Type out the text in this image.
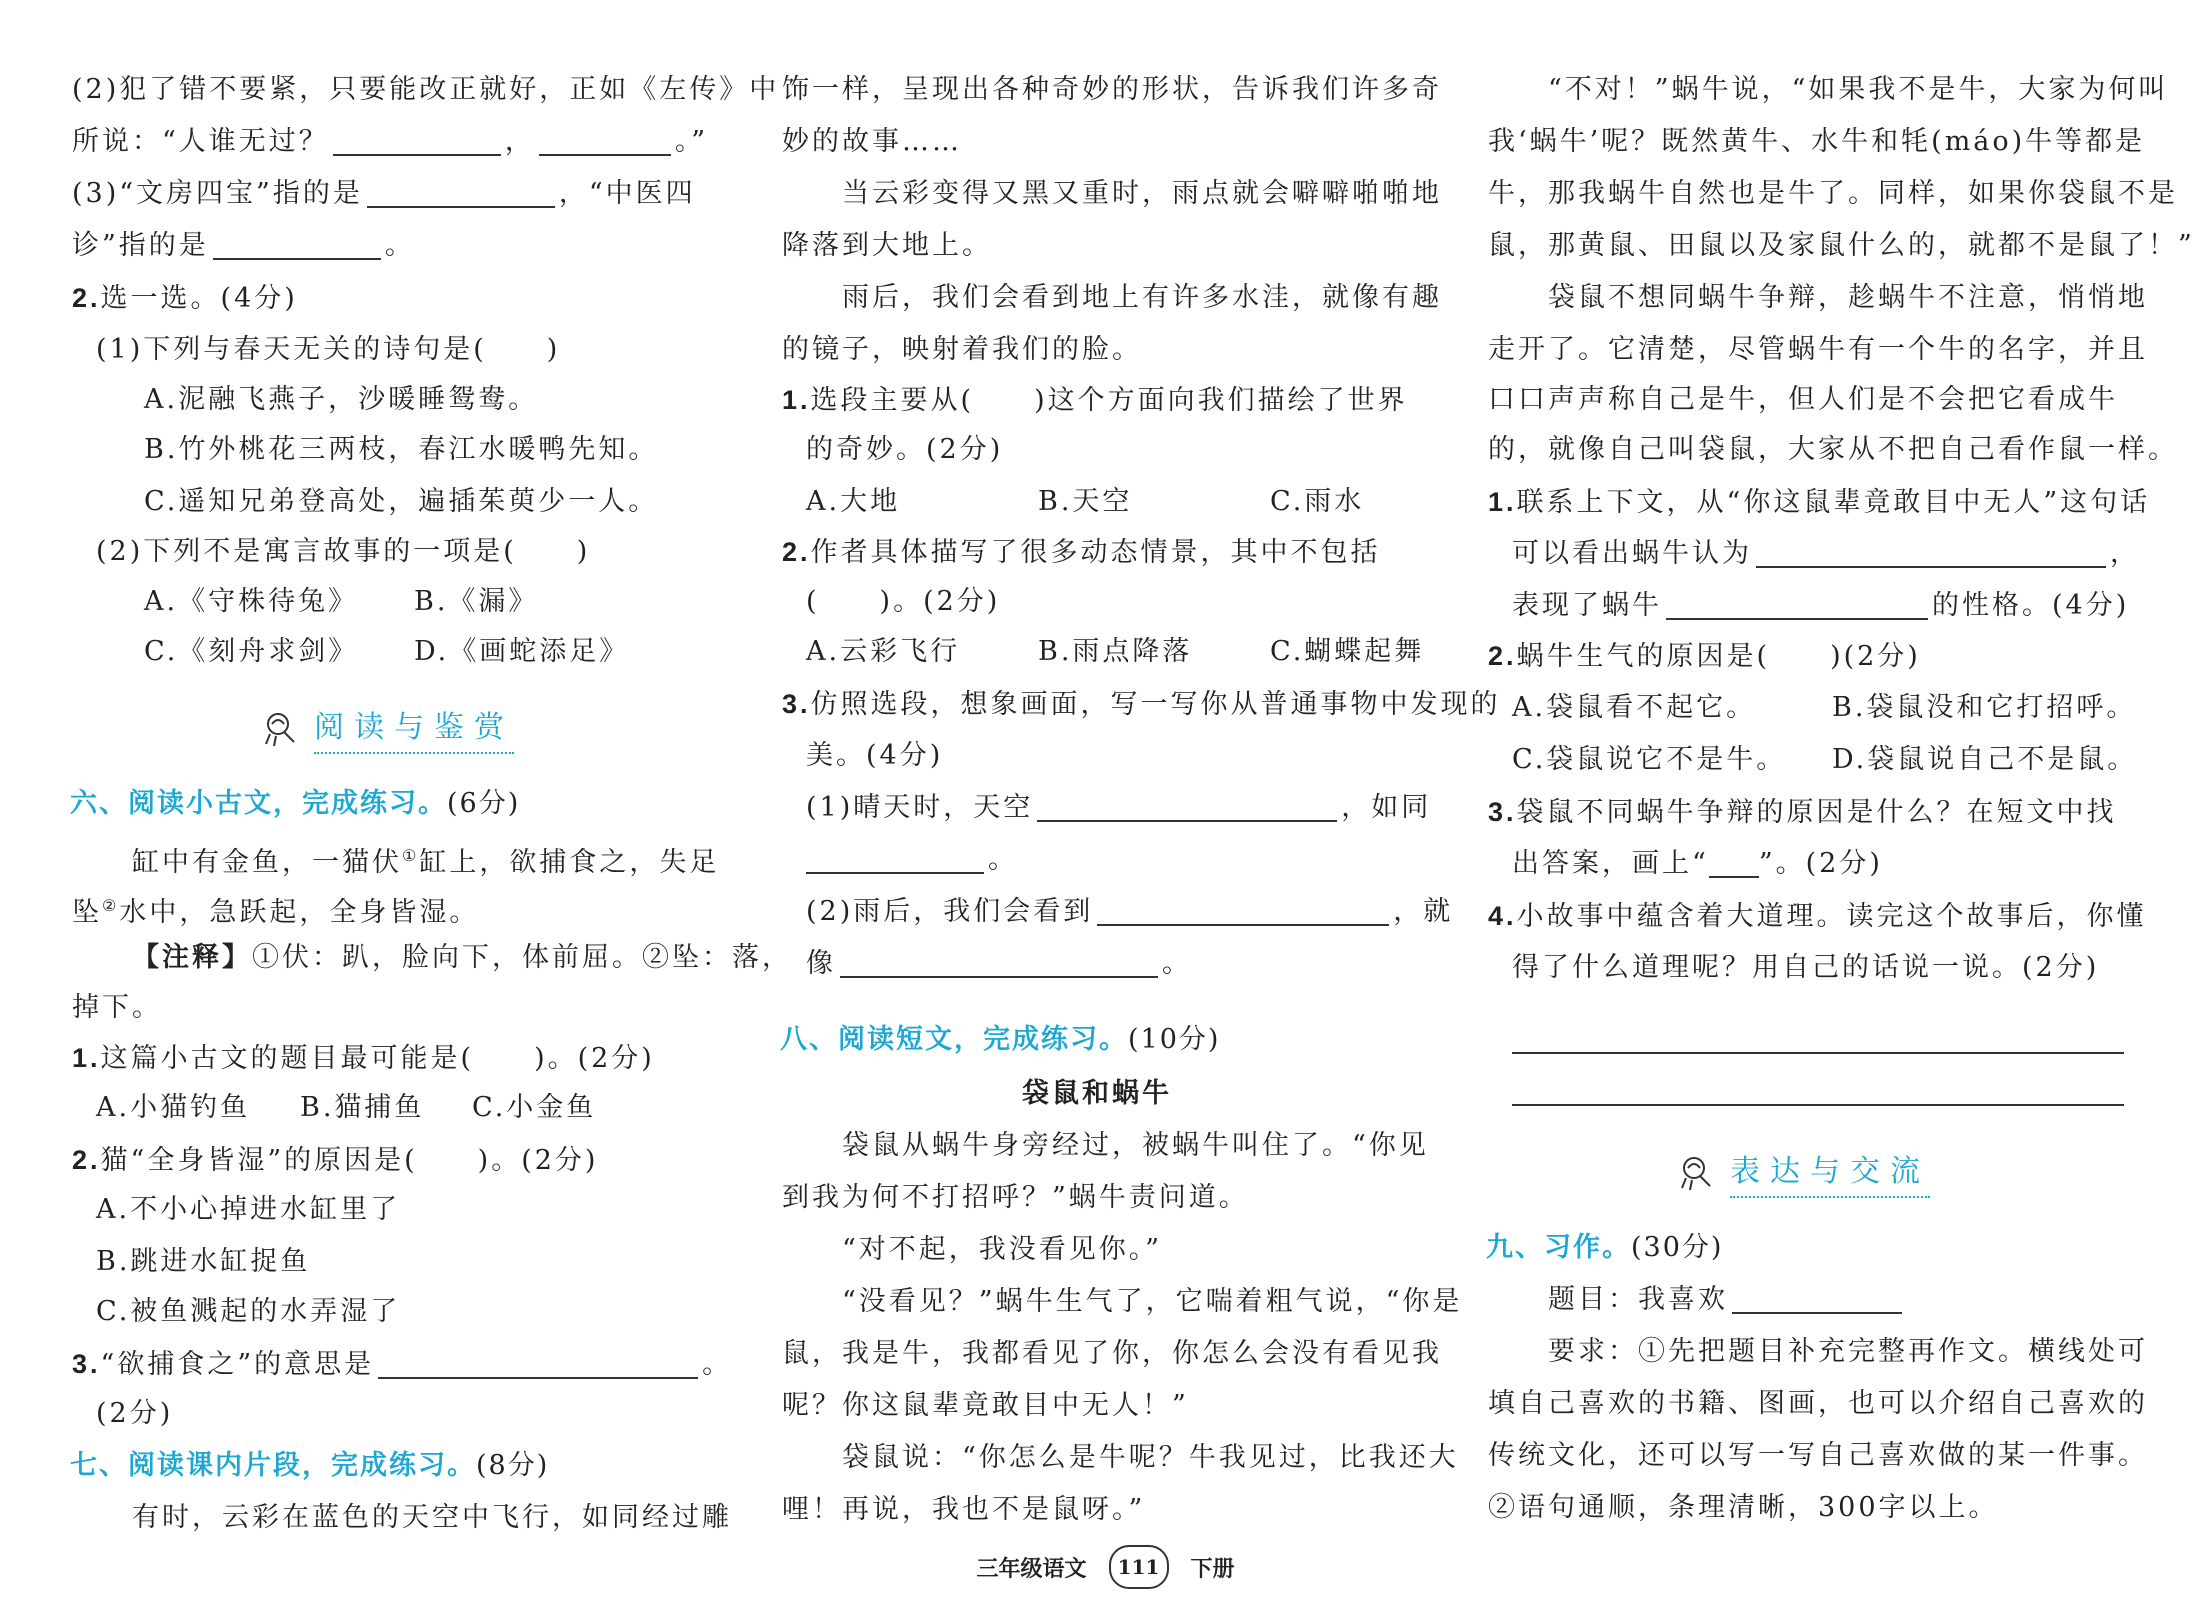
(2)犯了错不要紧，只要能改正就好，正如《左传》中
所说：“人谁无过？	，	。”
(3)“文房四宝”指的是	，“中医四
诊”指的是	。
2.选一选。(4分)
(1)下列与春天无关的诗句是(　　)
A.泥融飞燕子，沙暖睡鸳鸯。
B.竹外桃花三两枝，春江水暖鸭先知。
C.遥知兄弟登高处，遍插茱萸少一人。
(2)下列不是寓言故事的一项是(　　)
A.《守株待兔》 B.《漏》
C.《刻舟求剑》 D.《画蛇添足》
阅读与鉴赏
六、阅读小古文，完成练习。(6分)
缸中有金鱼，一猫伏①缸上，欲捕食之，失足
坠②水中，急跃起，全身皆湿。
【注释】①伏：趴，脸向下，体前屈。②坠：落，
掉下。
1.这篇小古文的题目最可能是(　　)。(2分)
A.小猫钓鱼 B.猫捕鱼 C.小金鱼
2.猫“全身皆湿”的原因是(　　)。(2分)
A.不小心掉进水缸里了
B.跳进水缸捉鱼
C.被鱼溅起的水弄湿了
3.“欲捕食之”的意思是	。
(2分)
七、阅读课内片段，完成练习。(8分)
有时，云彩在蓝色的天空中飞行，如同经过雕
饰一样，呈现出各种奇妙的形状，告诉我们许多奇
妙的故事……
当云彩变得又黑又重时，雨点就会噼噼啪啪地
降落到大地上。
雨后，我们会看到地上有许多水洼，就像有趣
的镜子，映射着我们的脸。
1.选段主要从(　　)这个方面向我们描绘了世界
的奇妙。(2分)
A.大地	B.天空	C.雨水
2.作者具体描写了很多动态情景，其中不包括
(　　)。(2分)
A.云彩飞行	B.雨点降落	C.蝴蝶起舞
3.仿照选段，想象画面，写一写你从普通事物中发现的
美。(4分)
(1)晴天时，天空	，如同
。
(2)雨后，我们会看到	，就
像	。
八、阅读短文，完成练习。(10分)
袋鼠和蜗牛
袋鼠从蜗牛身旁经过，被蜗牛叫住了。“你见
到我为何不打招呼？”蜗牛责问道。
“对不起，我没看见你。”
“没看见？”蜗牛生气了，它喘着粗气说，“你是
鼠，我是牛，我都看见了你，你怎么会没有看见我
呢？你这鼠辈竟敢目中无人！”
袋鼠说：“你怎么是牛呢？牛我见过，比我还大
哩！再说，我也不是鼠呀。”
“不对！”蜗牛说，“如果我不是牛，大家为何叫
我‘蜗牛’呢？既然黄牛、水牛和牦(máo)牛等都是
牛，那我蜗牛自然也是牛了。同样，如果你袋鼠不是
鼠，那黄鼠、田鼠以及家鼠什么的，就都不是鼠了！”
袋鼠不想同蜗牛争辩，趁蜗牛不注意，悄悄地
走开了。它清楚，尽管蜗牛有一个牛的名字，并且
口口声声称自己是牛，但人们是不会把它看成牛
的，就像自己叫袋鼠，大家从不把自己看作鼠一样。
1.联系上下文，从“你这鼠辈竟敢目中无人”这句话
可以看出蜗牛认为	，
表现了蜗牛	的性格。(4分)
2.蜗牛生气的原因是(　　)(2分)
A.袋鼠看不起它。	B.袋鼠没和它打招呼。
C.袋鼠说它不是牛。 D.袋鼠说自己不是鼠。
3.袋鼠不同蜗牛争辩的原因是什么？在短文中找
出答案，画上“ ”。(2分)
4.小故事中蕴含着大道理。读完这个故事后，你懂
得了什么道理呢？用自己的话说一说。(2分)
表达与交流
九、习作。(30分)
题目：我喜欢
要求：①先把题目补充完整再作文。横线处可
填自己喜欢的书籍、图画，也可以介绍自己喜欢的
传统文化，还可以写一写自己喜欢做的某一件事。
②语句通顺，条理清晰，300字以上。
三年级语文	111	下册
